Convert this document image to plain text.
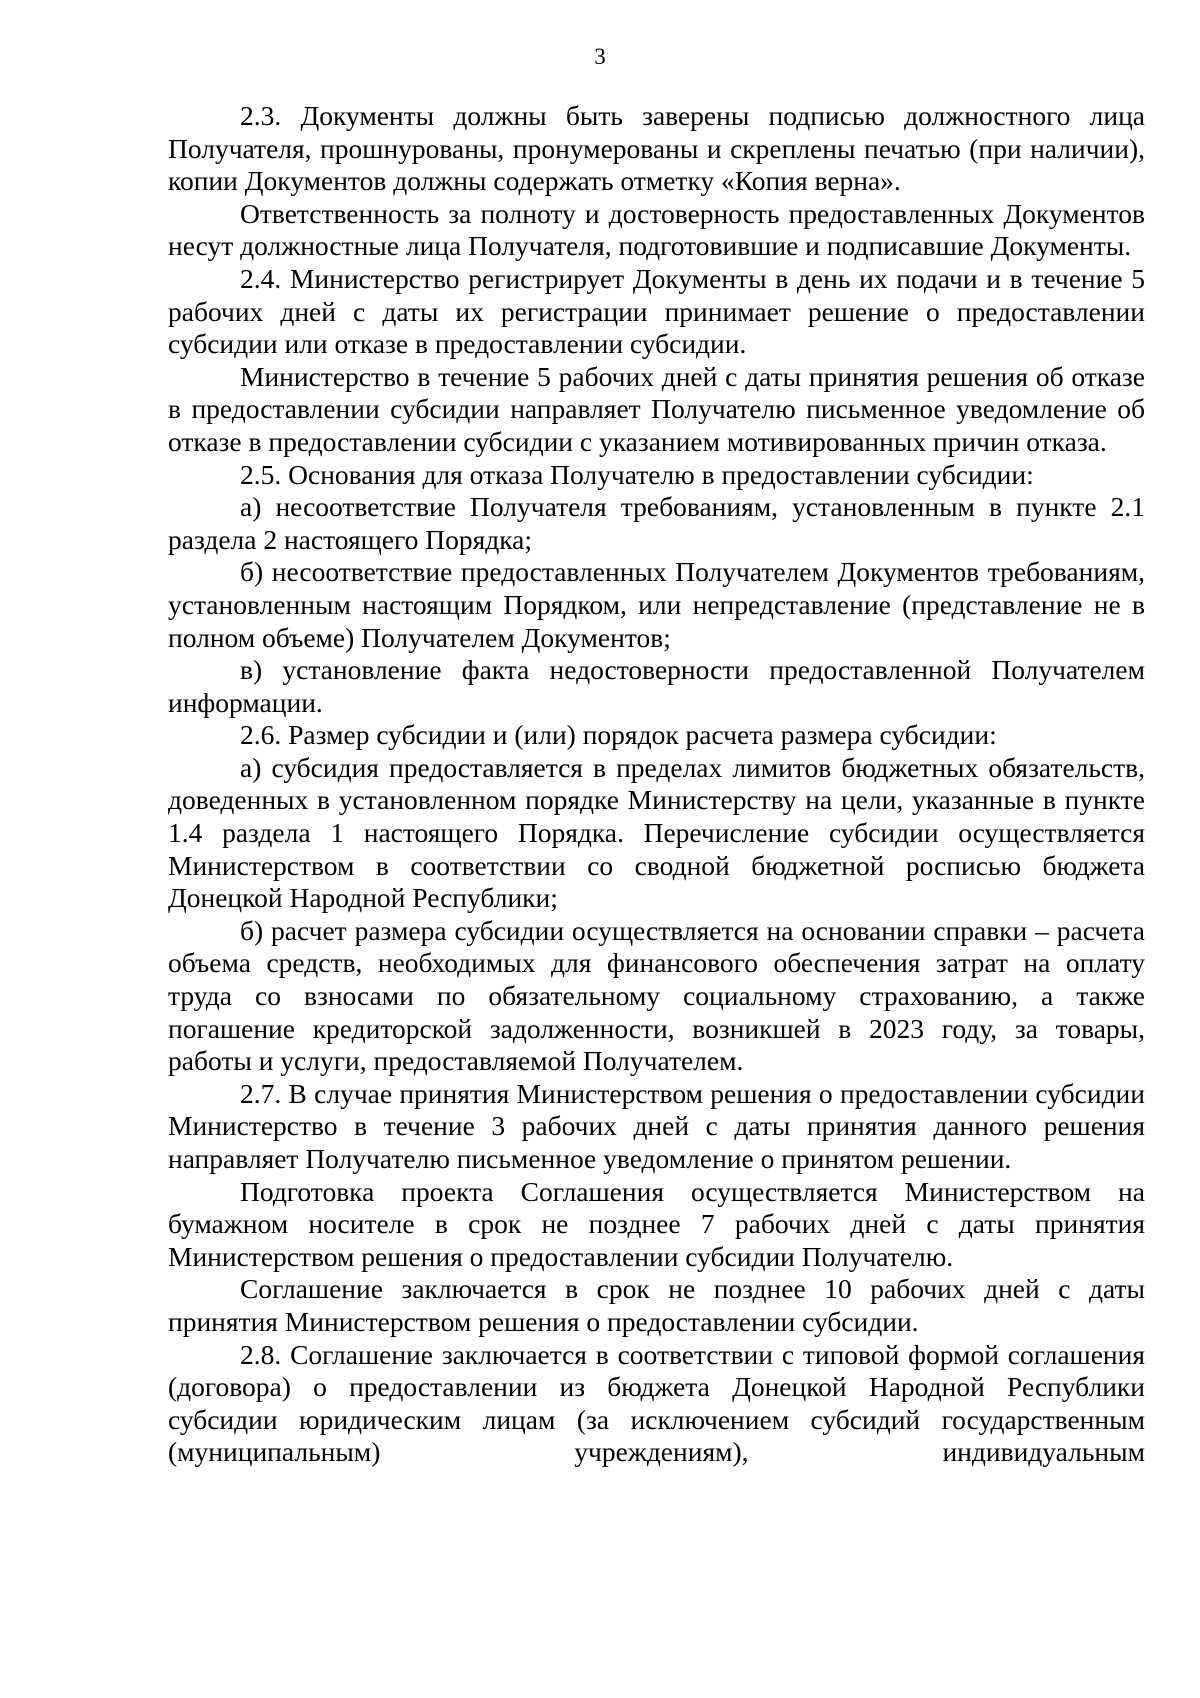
3

2.3. Документы должны быть заверены подписью должностного лица Получателя, прошнурованы, пронумерованы и скреплены печатью (при наличии), копии Документов должны содержать отметку «Копия верна».

Ответственность за полноту и достоверность предоставленных Документов несут должностные лица Получателя, подготовившие и подписавшие Документы.

2.4. Министерство регистрирует Документы в день их подачи и в течение 5 рабочих дней с даты их регистрации принимает решение о предоставлении субсидии или отказе в предоставлении субсидии.

Министерство в течение 5 рабочих дней с даты принятия решения об отказе в предоставлении субсидии направляет Получателю письменное уведомление об отказе в предоставлении субсидии с указанием мотивированных причин отказа.

2.5. Основания для отказа Получателю в предоставлении субсидии:

а) несоответствие Получателя требованиям, установленным в пункте 2.1 раздела 2 настоящего Порядка;

б) несоответствие предоставленных Получателем Документов требованиям, установленным настоящим Порядком, или непредставление (представление не в полном объеме) Получателем Документов;

в) установление факта недостоверности предоставленной Получателем информации.

2.6. Размер субсидии и (или) порядок расчета размера субсидии:

а) субсидия предоставляется в пределах лимитов бюджетных обязательств, доведенных в установленном порядке Министерству на цели, указанные в пункте 1.4 раздела 1 настоящего Порядка. Перечисление субсидии осуществляется Министерством в соответствии со сводной бюджетной росписью бюджета Донецкой Народной Республики;

б) расчет размера субсидии осуществляется на основании справки – расчета объема средств, необходимых для финансового обеспечения затрат на оплату труда со взносами по обязательному социальному страхованию, а также погашение кредиторской задолженности, возникшей в 2023 году, за товары, работы и услуги, предоставляемой Получателем.

2.7. В случае принятия Министерством решения о предоставлении субсидии Министерство в течение 3 рабочих дней с даты принятия данного решения направляет Получателю письменное уведомление о принятом решении.

Подготовка проекта Соглашения осуществляется Министерством на бумажном носителе в срок не позднее 7 рабочих дней с даты принятия Министерством решения о предоставлении субсидии Получателю.

Соглашение заключается в срок не позднее 10 рабочих дней с даты принятия Министерством решения о предоставлении субсидии.

2.8. Соглашение заключается в соответствии с типовой формой соглашения (договора) о предоставлении из бюджета Донецкой Народной Республики субсидии юридическим лицам (за исключением субсидий государственным (муниципальным) учреждениям), индивидуальным
